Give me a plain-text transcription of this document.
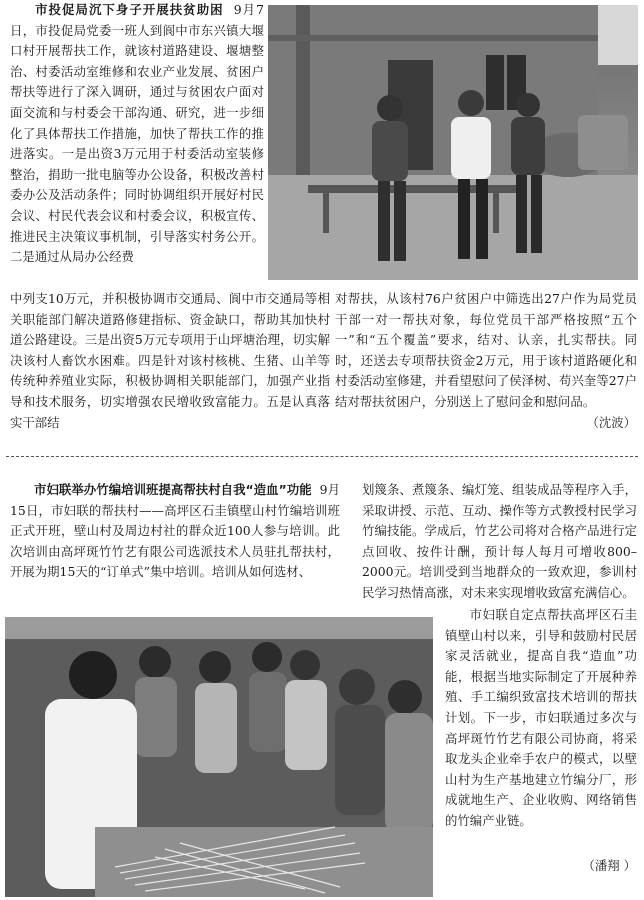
市投促局沉下身子开展扶贫助困 9月7日，市投促局党委一班人到阆中市东兴镇大堰口村开展帮扶工作，就该村道路建设、堰塘整治、村委活动室维修和农业产业发展、贫困户帮扶等进行了深入调研，通过与贫困农户面对面交流和与村委会干部沟通、研究，进一步细化了具体帮扶工作措施，加快了帮扶工作的推进落实。一是出资3万元用于村委活动室装修整治，捐助一批电脑等办公设备，积极改善村委办公及活动条件；同时协调组织开展好村民会议、村民代表会议和村委会议，积极宣传、推进民主决策议事机制，引导落实村务公开。二是通过从局办公经费

中列支10万元，并积极协调市交通局、阆中市交通局等相关职能部门解决道路修建指标、资金缺口，帮助其加快村道公路建设。三是出资5万元专项用于山坪塘治理，切实解决该村人畜饮水困难。四是针对该村核桃、生猪、山羊等传统种养殖业实际，积极协调相关职能部门，加强产业指导和技术服务，切实增强农民增收致富能力。五是认真落实干部结

对帮扶，从该村76户贫困户中筛选出27户作为局党员干部一对一帮扶对象，每位党员干部严格按照“五个一”和“五个覆盖”要求，结对、认亲，扎实帮扶。同时，还送去专项帮扶资金2万元，用于该村道路硬化和村委活动室修建，并看望慰问了侯泽树、苟兴奎等27户结对帮扶贫困户，分别送上了慰问金和慰问品。

（沈波）

市妇联举办竹编培训班提高帮扶村自我“造血”功能 9月15日，市妇联的帮扶村——高坪区石圭镇壁山村竹编培训班正式开班，壁山村及周边村社的群众近100人参与培训。此次培训由高坪斑竹竹艺有限公司选派技术人员驻扎帮扶村，开展为期15天的“订单式”集中培训。培训从如何选材、

划篾条、煮篾条、编灯笼、组装成品等程序入手，采取讲授、示范、互动、操作等方式教授村民学习竹编技能。学成后，竹艺公司将对合格产品进行定点回收、按件计酬，预计每人每月可增收800–2000元。培训受到当地群众的一致欢迎，参训村民学习热情高涨，对未来实现增收致富充满信心。

市妇联自定点帮扶高坪区石圭镇壁山村以来，引导和鼓励村民居家灵活就业，提高自我“造血”功能，根据当地实际制定了开展种养殖、手工编织致富技术培训的帮扶计划。下一步，市妇联通过多次与高坪斑竹竹艺有限公司协商，将采取龙头企业牵手农户的模式，以壁山村为生产基地建立竹编分厂，形成就地生产、企业收购、网络销售的竹编产业链。

（潘翔 ）
